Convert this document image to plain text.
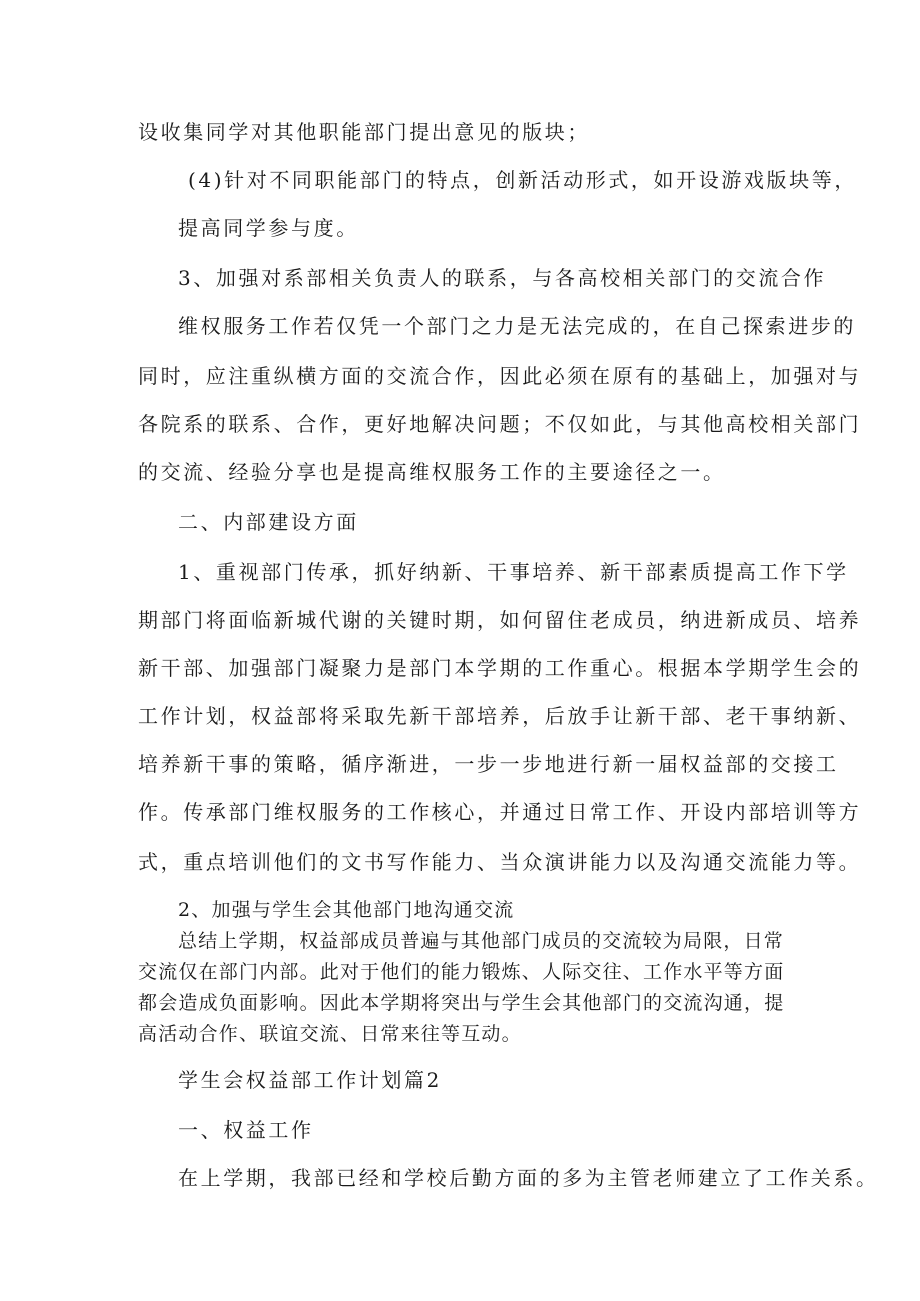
设收集同学对其他职能部门提出意见的版块；
(4)针对不同职能部门的特点，创新活动形式，如开设游戏版块等，
提高同学参与度。
3、加强对系部相关负责人的联系，与各高校相关部门的交流合作
维权服务工作若仅凭一个部门之力是无法完成的，在自己探索进步的
同时，应注重纵横方面的交流合作，因此必须在原有的基础上，加强对与
各院系的联系、合作，更好地解决问题；不仅如此，与其他高校相关部门
的交流、经验分享也是提高维权服务工作的主要途径之一。
二、内部建设方面
1、重视部门传承，抓好纳新、干事培养、新干部素质提高工作下学
期部门将面临新城代谢的关键时期，如何留住老成员，纳进新成员、培养
新干部、加强部门凝聚力是部门本学期的工作重心。根据本学期学生会的
工作计划，权益部将采取先新干部培养，后放手让新干部、老干事纳新、
培养新干事的策略，循序渐进，一步一步地进行新一届权益部的交接工
作。传承部门维权服务的工作核心，并通过日常工作、开设内部培训等方
式，重点培训他们的文书写作能力、当众演讲能力以及沟通交流能力等。
2、加强与学生会其他部门地沟通交流
总结上学期，权益部成员普遍与其他部门成员的交流较为局限，日常
交流仅在部门内部。此对于他们的能力锻炼、人际交往、工作水平等方面
都会造成负面影响。因此本学期将突出与学生会其他部门的交流沟通，提
高活动合作、联谊交流、日常来往等互动。
学生会权益部工作计划篇2
一、权益工作
在上学期，我部已经和学校后勤方面的多为主管老师建立了工作关系。
